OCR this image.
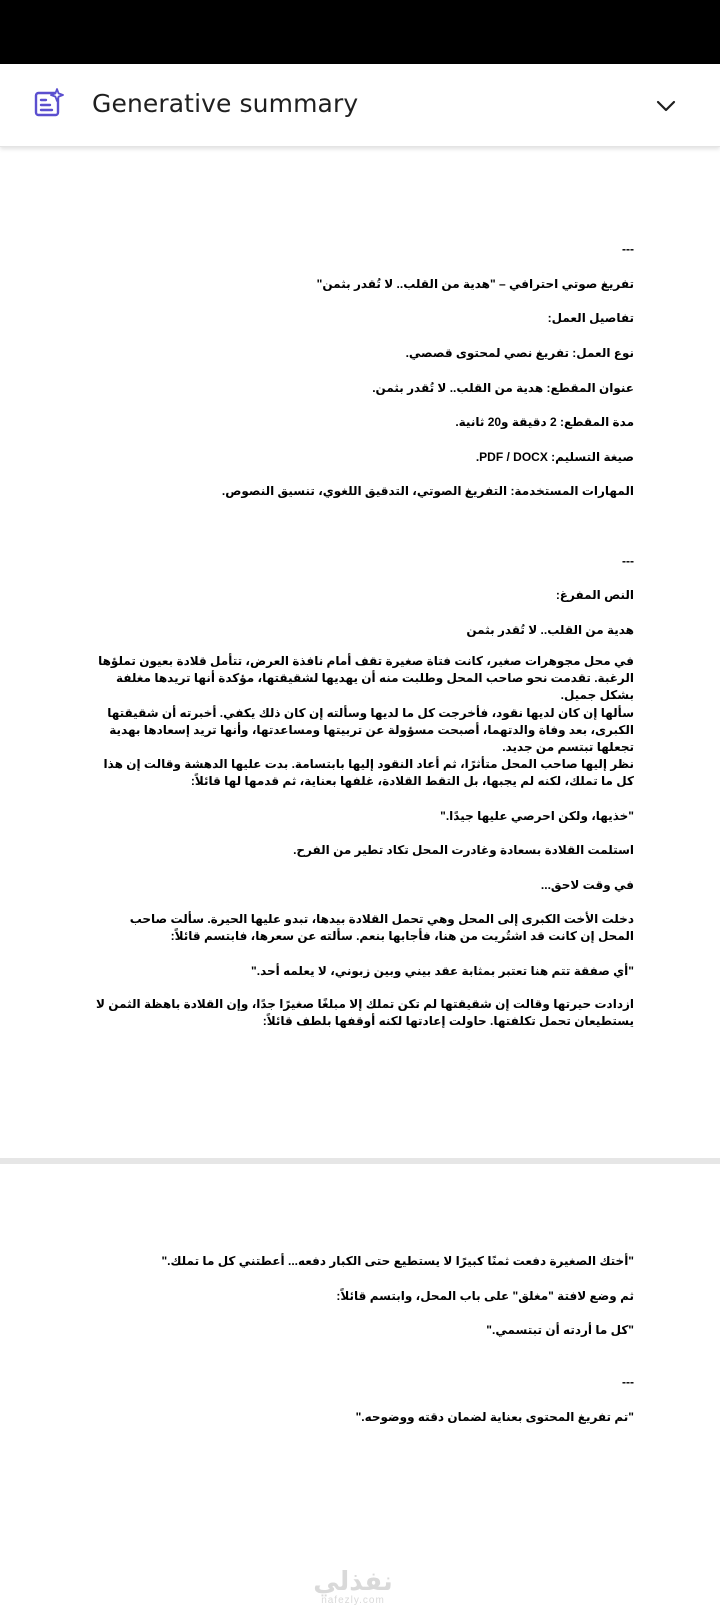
Generative summary
---
تفريغ صوتي احترافي – "هدية من القلب.. لا تُقدر بثمن"
تفاصيل العمل:
نوع العمل: تفريغ نصي لمحتوى قصصي.
عنوان المقطع: هدية من القلب.. لا تُقدر بثمن.
مدة المقطع: 2 دقيقة و20 ثانية.
صيغة التسليم: PDF / DOCX.
المهارات المستخدمة: التفريغ الصوتي، التدقيق اللغوي، تنسيق النصوص.
---
النص المفرغ:
هدية من القلب.. لا تُقدر بثمن
في محل مجوهرات صغير، كانت فتاة صغيرة تقف أمام نافذة العرض، تتأمل قلادة بعيون تملؤها الرغبة. تقدمت نحو صاحب المحل وطلبت منه أن يهديها لشقيقتها، مؤكدة أنها تريدها مغلفة بشكل جميل.
سألها إن كان لديها نقود، فأخرجت كل ما لديها وسألته إن كان ذلك يكفي. أخبرته أن شقيقتها الكبرى، بعد وفاة والدتهما، أصبحت مسؤولة عن تربيتها ومساعدتها، وأنها تريد إسعادها بهدية تجعلها تبتسم من جديد.
نظر إليها صاحب المحل متأثرًا، ثم أعاد النقود إليها بابتسامة. بدت عليها الدهشة وقالت إن هذا كل ما تملك، لكنه لم يجبها، بل التقط القلادة، غلفها بعناية، ثم قدمها لها قائلاً:
"خذيها، ولكن احرصي عليها جيدًا."
استلمت القلادة بسعادة وغادرت المحل تكاد تطير من الفرح.
في وقت لاحق...
دخلت الأخت الكبرى إلى المحل وهي تحمل القلادة بيدها، تبدو عليها الحيرة. سألت صاحب المحل إن كانت قد اشتُريت من هنا، فأجابها بنعم. سألته عن سعرها، فابتسم قائلاً:
"أي صفقة تتم هنا تعتبر بمثابة عقد بيني وبين زبوني، لا يعلمه أحد."
ازدادت حيرتها وقالت إن شقيقتها لم تكن تملك إلا مبلغًا صغيرًا جدًا، وإن القلادة باهظة الثمن لا يستطيعان تحمل تكلفتها. حاولت إعادتها لكنه أوقفها بلطف قائلاً:
"أختك الصغيرة دفعت ثمنًا كبيرًا لا يستطيع حتى الكبار دفعه... أعطتني كل ما تملك."
ثم وضع لافتة "مغلق" على باب المحل، وابتسم قائلاً:
"كل ما أردته أن تبتسمي."
---
"تم تفريغ المحتوى بعناية لضمان دقته ووضوحه."
نفذلي
nafezly.com
